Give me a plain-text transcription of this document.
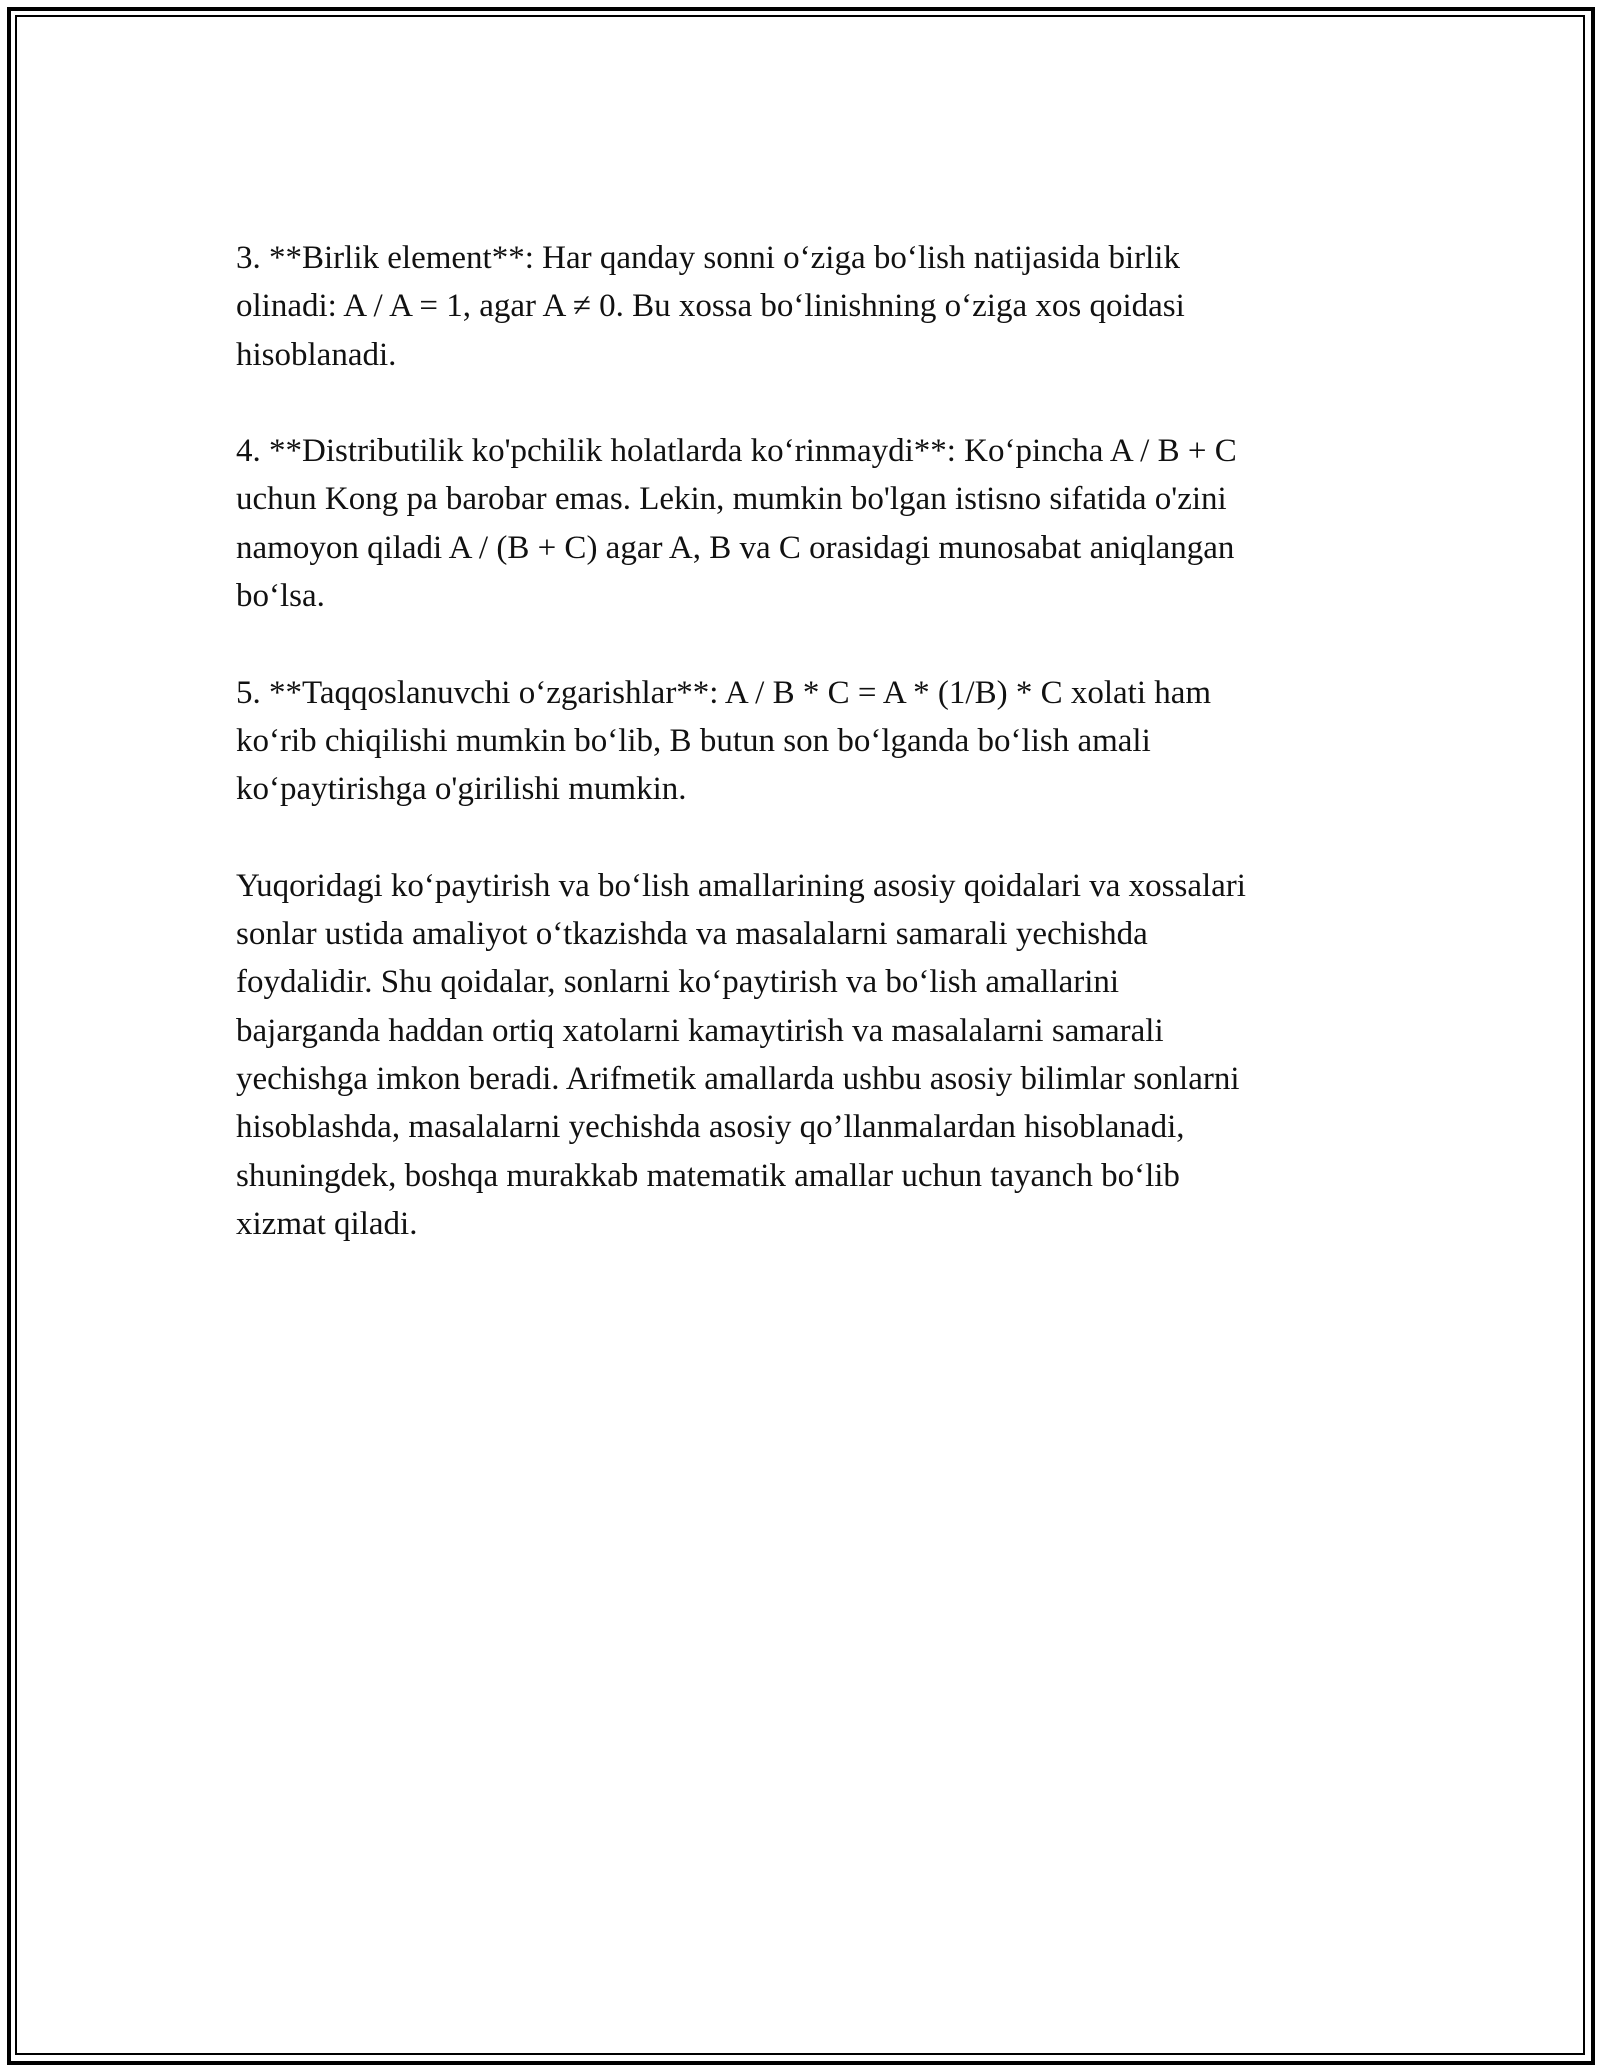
3. **Birlik element**: Har qanday sonni o‘ziga bo‘lish natijasida birlik
olinadi: A / A = 1, agar A ≠ 0. Bu xossa bo‘linishning o‘ziga xos qoidasi
hisoblanadi.

4. **Distributilik ko'pchilik holatlarda ko‘rinmaydi**: Ko‘pincha A / B + C
uchun Kong pa barobar emas. Lekin, mumkin bo'lgan istisno sifatida o'zini
namoyon qiladi A / (B + C) agar A, B va C orasidagi munosabat aniqlangan
bo‘lsa.

5. **Taqqoslanuvchi o‘zgarishlar**: A / B * C = A * (1/B) * C xolati ham
ko‘rib chiqilishi mumkin bo‘lib, B butun son bo‘lganda bo‘lish amali
ko‘paytirishga o'girilishi mumkin.

Yuqoridagi ko‘paytirish va bo‘lish amallarining asosiy qoidalari va xossalari
sonlar ustida amaliyot o‘tkazishda va masalalarni samarali yechishda
foydalidir. Shu qoidalar, sonlarni ko‘paytirish va bo‘lish amallarini
bajarganda haddan ortiq xatolarni kamaytirish va masalalarni samarali
yechishga imkon beradi. Arifmetik amallarda ushbu asosiy bilimlar sonlarni
hisoblashda, masalalarni yechishda asosiy qo’llanmalardan hisoblanadi,
shuningdek, boshqa murakkab matematik amallar uchun tayanch bo‘lib
xizmat qiladi.
